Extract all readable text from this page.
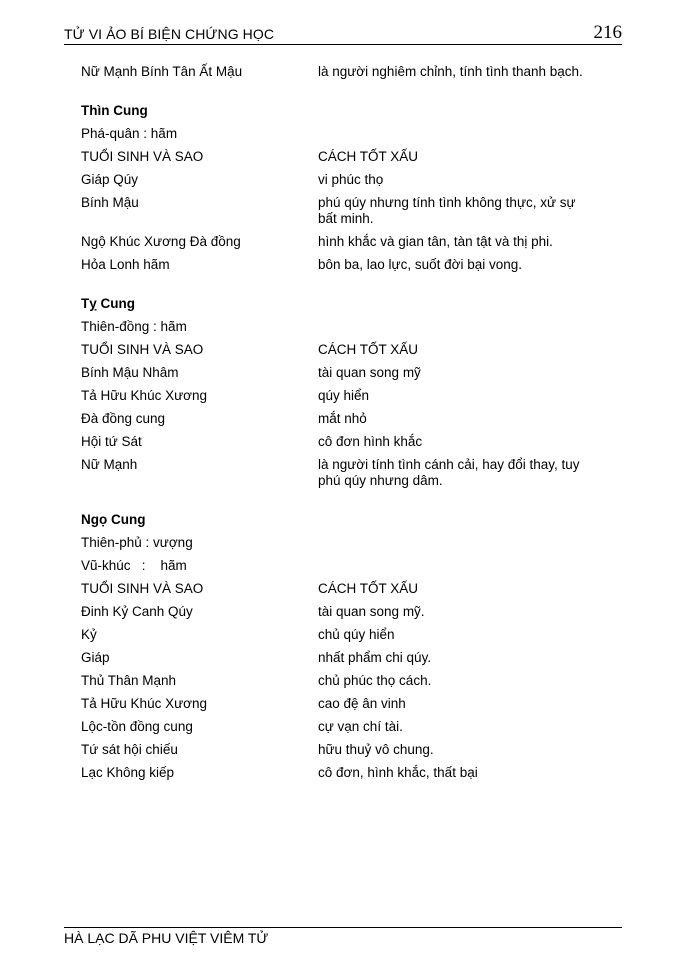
TỬ VI ẢO BÍ BIỆN CHỨNG HỌC	216
Nữ Mạnh Bính Tân Ất Mậu	là người nghiêm chỉnh, tính tình thanh bạch.
Thìn Cung
Phá-quân : hãm
TUỔI SINH VÀ SAO	CÁCH TỐT XẤU
Giáp Qúy	vi phúc thọ
Bính Mậu	phú qúy nhưng tính tình không thực, xử sự bất minh.
Ngộ Khúc Xương Đà đồng	hình khắc và gian tân, tàn tật và thị phi.
Hỏa Lonh hãm	bôn ba, lao lực, suốt đời bại vong.
Tỵ Cung
Thiên-đồng : hãm
TUỔI SINH VÀ SAO	CÁCH TỐT XẤU
Bính Mậu Nhâm	tài quan song mỹ
Tả Hữu Khúc Xương	qúy hiển
Đà đồng cung	mắt nhỏ
Hội tứ Sát	cô đơn hình khắc
Nữ Mạnh	là người tính tình cánh cải, hay đổi thay, tuy phú qúy nhưng dâm.
Ngọ Cung
Thiên-phủ : vượng
Vũ-khúc   :    hãm
TUỔI SINH VÀ SAO	CÁCH TỐT XẤU
Đinh Kỷ Canh Qúy	tài quan song mỹ.
Kỷ	chủ qúy hiển
Giáp	nhất phẩm chi qúy.
Thủ Thân Mạnh	chủ phúc thọ cách.
Tả Hữu Khúc Xương	cao đệ ân vinh
Lộc-tồn đồng cung	cự vạn chí tài.
Tứ sát hội chiếu	hữu thuỷ vô chung.
Lạc Không kiếp	cô đơn, hình khắc, thất bại
HÀ LẠC DÃ PHU VIỆT VIÊM TỬ
